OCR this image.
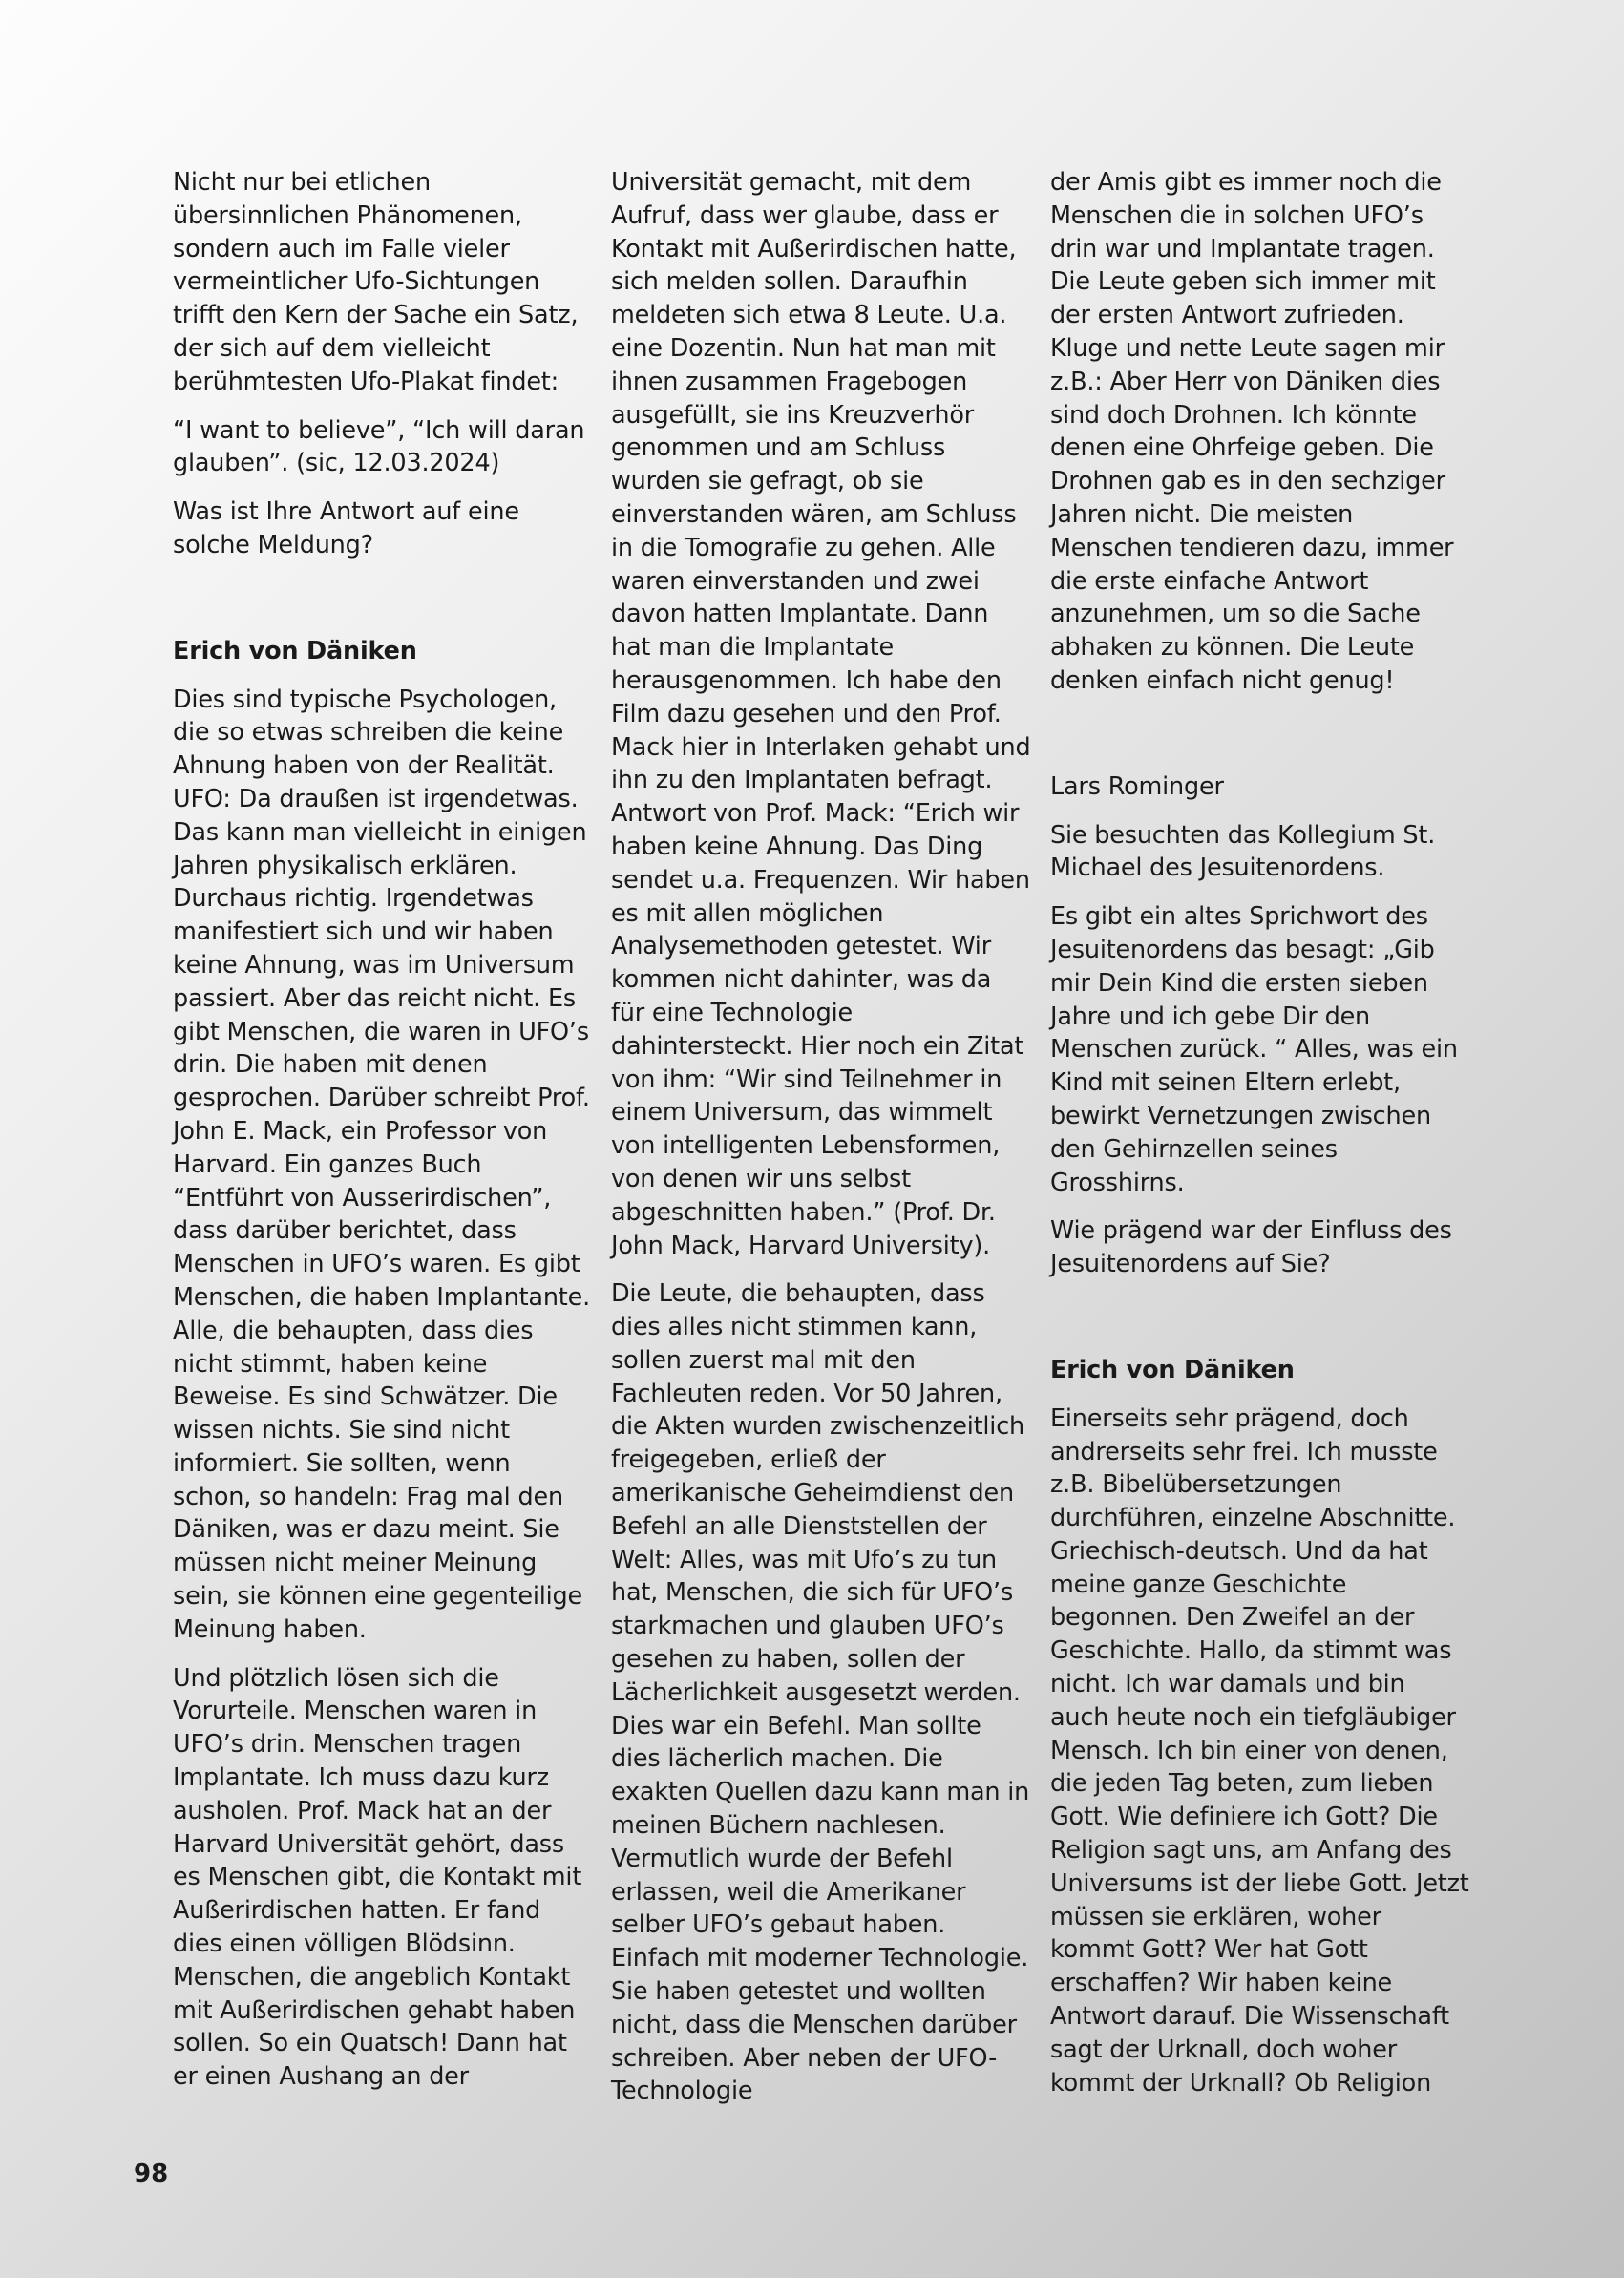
Nicht nur bei etlichen übersinnlichen Phänomenen, sondern auch im Falle vieler vermeintlicher Ufo-Sichtungen trifft den Kern der Sache ein Satz, der sich auf dem vielleicht berühmtesten Ufo-Plakat findet:

“I want to believe”, “Ich will daran glauben”. (sic, 12.03.2024)

Was ist Ihre Antwort auf eine solche Meldung?

Erich von Däniken

Dies sind typische Psychologen, die so etwas schreiben die keine Ahnung haben von der Realität. UFO: Da draußen ist irgendetwas. Das kann man vielleicht in einigen Jahren physikalisch erklären. Durchaus richtig. Irgendetwas manifestiert sich und wir haben keine Ahnung, was im Universum passiert. Aber das reicht nicht. Es gibt Menschen, die waren in UFO’s drin. Die haben mit denen gesprochen. Darüber schreibt Prof. John E. Mack, ein Professor von Harvard. Ein ganzes Buch “Entführt von Ausserirdischen”, dass darüber berichtet, dass Menschen in UFO’s waren. Es gibt Menschen, die haben Implantante. Alle, die behaupten, dass dies nicht stimmt, haben keine Beweise. Es sind Schwätzer. Die wissen nichts. Sie sind nicht informiert. Sie sollten, wenn schon, so handeln: Frag mal den Däniken, was er dazu meint. Sie müssen nicht meiner Meinung sein, sie können eine gegenteilige Meinung haben.

Und plötzlich lösen sich die Vorurteile. Menschen waren in UFO’s drin. Menschen tragen Implantate. Ich muss dazu kurz ausholen. Prof. Mack hat an der Harvard Universität gehört, dass es Menschen gibt, die Kontakt mit Außerirdischen hatten. Er fand dies einen völligen Blödsinn. Menschen, die angeblich Kontakt mit Außerirdischen gehabt haben sollen. So ein Quatsch! Dann hat er einen Aushang an der

Universität gemacht, mit dem Aufruf, dass wer glaube, dass er Kontakt mit Außerirdischen hatte, sich melden sollen. Daraufhin meldeten sich etwa 8 Leute. U.a. eine Dozentin. Nun hat man mit ihnen zusammen Fragebogen ausgefüllt, sie ins Kreuzverhör genommen und am Schluss wurden sie gefragt, ob sie einverstanden wären, am Schluss in die Tomografie zu gehen. Alle waren einverstanden und zwei davon hatten Implantate. Dann hat man die Implantate herausgenommen. Ich habe den Film dazu gesehen und den Prof. Mack hier in Interlaken gehabt und ihn zu den Implantaten befragt. Antwort von Prof. Mack: “Erich wir haben keine Ahnung. Das Ding sendet u.a. Frequenzen. Wir haben es mit allen möglichen Analysemethoden getestet. Wir kommen nicht dahinter, was da für eine Technologie dahintersteckt. Hier noch ein Zitat von ihm: “Wir sind Teilnehmer in einem Universum, das wimmelt von intelligenten Lebensformen, von denen wir uns selbst abgeschnitten haben.” (Prof. Dr. John Mack, Harvard University).

Die Leute, die behaupten, dass dies alles nicht stimmen kann, sollen zuerst mal mit den Fachleuten reden. Vor 50 Jahren, die Akten wurden zwischenzeitlich freigegeben, erließ der amerikanische Geheimdienst den Befehl an alle Dienststellen der Welt: Alles, was mit Ufo’s zu tun hat, Menschen, die sich für UFO’s starkmachen und glauben UFO’s gesehen zu haben, sollen der Lächerlichkeit ausgesetzt werden. Dies war ein Befehl. Man sollte dies lächerlich machen. Die exakten Quellen dazu kann man in meinen Büchern nachlesen. Vermutlich wurde der Befehl erlassen, weil die Amerikaner selber UFO’s gebaut haben. Einfach mit moderner Technologie. Sie haben getestet und wollten nicht, dass die Menschen darüber schreiben. Aber neben der UFO-Technologie

der Amis gibt es immer noch die Menschen die in solchen UFO’s drin war und Implantate tragen. Die Leute geben sich immer mit der ersten Antwort zufrieden. Kluge und nette Leute sagen mir z.B.: Aber Herr von Däniken dies sind doch Drohnen. Ich könnte denen eine Ohrfeige geben. Die Drohnen gab es in den sechziger Jahren nicht. Die meisten Menschen tendieren dazu, immer die erste einfache Antwort anzunehmen, um so die Sache abhaken zu können. Die Leute denken einfach nicht genug!

Lars Rominger

Sie besuchten das Kollegium St. Michael des Jesuitenordens.

Es gibt ein altes Sprichwort des Jesuitenordens das besagt: „Gib mir Dein Kind die ersten sieben Jahre und ich gebe Dir den Menschen zurück. “ Alles, was ein Kind mit seinen Eltern erlebt, bewirkt Vernetzungen zwischen den Gehirnzellen seines Grosshirns.

Wie prägend war der Einfluss des Jesuitenordens auf Sie?

Erich von Däniken

Einerseits sehr prägend, doch andrerseits sehr frei. Ich musste z.B. Bibelübersetzungen durchführen, einzelne Abschnitte. Griechisch-deutsch. Und da hat meine ganze Geschichte begonnen. Den Zweifel an der Geschichte. Hallo, da stimmt was nicht. Ich war damals und bin auch heute noch ein tiefgläubiger Mensch. Ich bin einer von denen, die jeden Tag beten, zum lieben Gott. Wie definiere ich Gott? Die Religion sagt uns, am Anfang des Universums ist der liebe Gott. Jetzt müssen sie erklären, woher kommt Gott? Wer hat Gott erschaffen? Wir haben keine Antwort darauf. Die Wissenschaft sagt der Urknall, doch woher kommt der Urknall? Ob Religion

98
